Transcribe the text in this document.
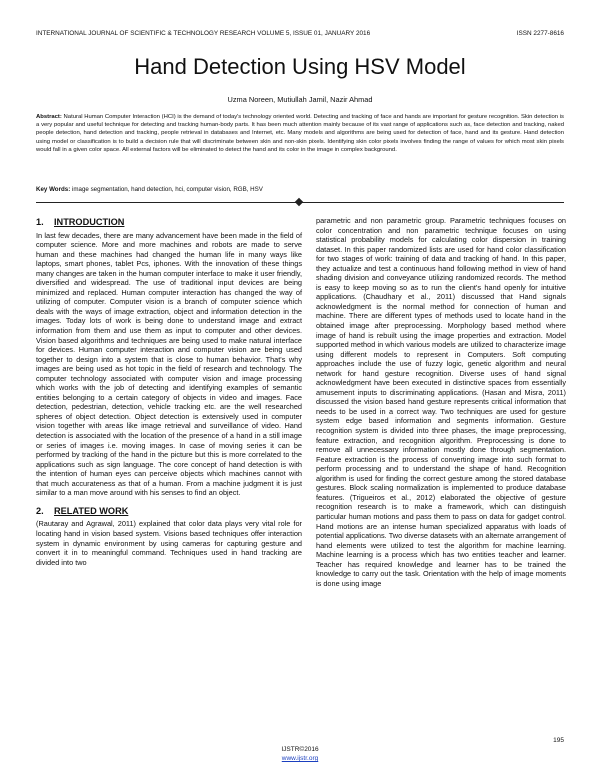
INTERNATIONAL JOURNAL OF SCIENTIFIC & TECHNOLOGY RESEARCH VOLUME 5, ISSUE 01, JANUARY 2016	ISSN 2277-8616
Hand Detection Using HSV Model
Uzma Noreen, Mutiullah Jamil, Nazir Ahmad
Abstract: Natural Human Computer Interaction (HCI) is the demand of today's technology oriented world. Detecting and tracking of face and hands are important for gesture recognition. Skin detection is a very popular and useful technique for detecting and tracking human-body parts. It has been much attention mainly because of its vast range of applications such as, face detection and tracking, naked people detection, hand detection and tracking, people retrieval in databases and Internet, etc. Many models and algorithms are being used for detection of face, hand and its gesture. Hand detection using model or classification is to build a decision rule that will discriminate between skin and non-skin pixels. Identifying skin color pixels involves finding the range of values for which most skin pixels would fall in a given color space. All external factors will be eliminated to detect the hand and its color in the image in complex background.
Key Words: image segmentation, hand detection, hci, computer vision, RGB, HSV
1. INTRODUCTION

In last few decades, there are many advancement have been made in the field of computer science. More and more machines and robots are made to serve human and these machines had changed the human life in many ways like laptops, smart phones, tablet Pcs, iphones. With the innovation of these things many changes are taken in the human computer interface to make it user friendly, diversified and widespread. The use of traditional input devices are being minimized and replaced. Human computer interaction has changed the way of utilizing of computer. Computer vision is a branch of computer science which deals with the ways of image extraction, object and information detection in the images. Today lots of work is being done to understand image and extract information from them and use them as input to computer and other devices. Vision based algorithms and techniques are being used to make natural interface for devices. Human computer interaction and computer vision are being used together to design into a system that is close to human behavior. That's why images are being used as hot topic in the field of research and technology. The computer technology associated with computer vision and image processing which works with the job of detecting and identifying examples of semantic entities belonging to a certain category of objects in video and images. Face detection, pedestrian, detection, vehicle tracking etc. are the well researched spheres of object detection. Object detection is extensively used in computer vision together with areas like image retrieval and surveillance of video. Hand detection is associated with the location of the presence of a hand in a still image or series of images i.e. moving images. In case of moving series it can be performed by tracking of the hand in the picture but this is more correlated to the applications such as sign language. The core concept of hand detection is with the intention of human eyes can perceive objects which machines cannot with that much accurateness as that of a human. From a machine judgment it is just similar to a man move around with his senses to find an object.

2. RELATED WORK

(Rautaray and Agrawal, 2011) explained that color data plays very vital role for locating hand in vision based system. Visions based techniques offer interaction system in dynamic environment by using cameras for capturing gesture and convert it in to meaningful command. Techniques used in hand tracking are divided into two

parametric and non parametric group. Parametric techniques focuses on color concentration and non parametric technique focuses on using statistical probability models for calculating color dispersion in training dataset. In this paper randomized lists are used for hand color classification for two stages of work: training of data and tracking of hand. In this paper, they actualize and test a continuous hand following method in view of hand shading division and conveyance utilizing randomized records. The method is easy to keep moving so as to run the client's hand openly for intuitive applications. (Chaudhary et al., 2011) discussed that Hand signals acknowledgment is the normal method for connection of human and machine. There are different types of methods used to locate hand in the obtained image after preprocessing. Morphology based method where image of hand is rebuilt using the image properties and extraction. Model supported method in which various models are utilized to characterize image using different models to represent in Computers. Soft computing approaches include the use of fuzzy logic, genetic algorithm and neural network for hand gesture recognition. Diverse uses of hand signal acknowledgment have been executed in distinctive spaces from essentially amusement inputs to discriminating applications. (Hasan and Misra, 2011) discussed the vision based hand gesture represents critical information that needs to be used in a correct way. Two techniques are used for gesture system edge based information and segments information. Gesture recognition system is divided into three phases, the image preprocessing, feature extraction, and recognition algorithm. Preprocessing is done to remove all unnecessary information mostly done through segmentation. Feature extraction is the process of converting image into such format to perform processing and to understand the shape of hand. Recognition algorithm is used for finding the correct gesture among the stored database gestures. Block scaling normalization is implemented to produce database features. (Trigueiros et al., 2012) elaborated the objective of gesture recognition research is to make a framework, which can distinguish particular human motions and pass them to pass on data for gadget control. Hand motions are an intense human specialized apparatus with loads of potential applications. Two diverse datasets with an alternate arrangement of hand elements were utilized to test the algorithm for machine learning. Machine learning is a process which has two entities teacher and learner. Teacher has required knowledge and learner has to be trained the knowledge to carry out the task. Orientation with the help of image moments is done using image

195
IJSTR©2016
www.ijstr.org
